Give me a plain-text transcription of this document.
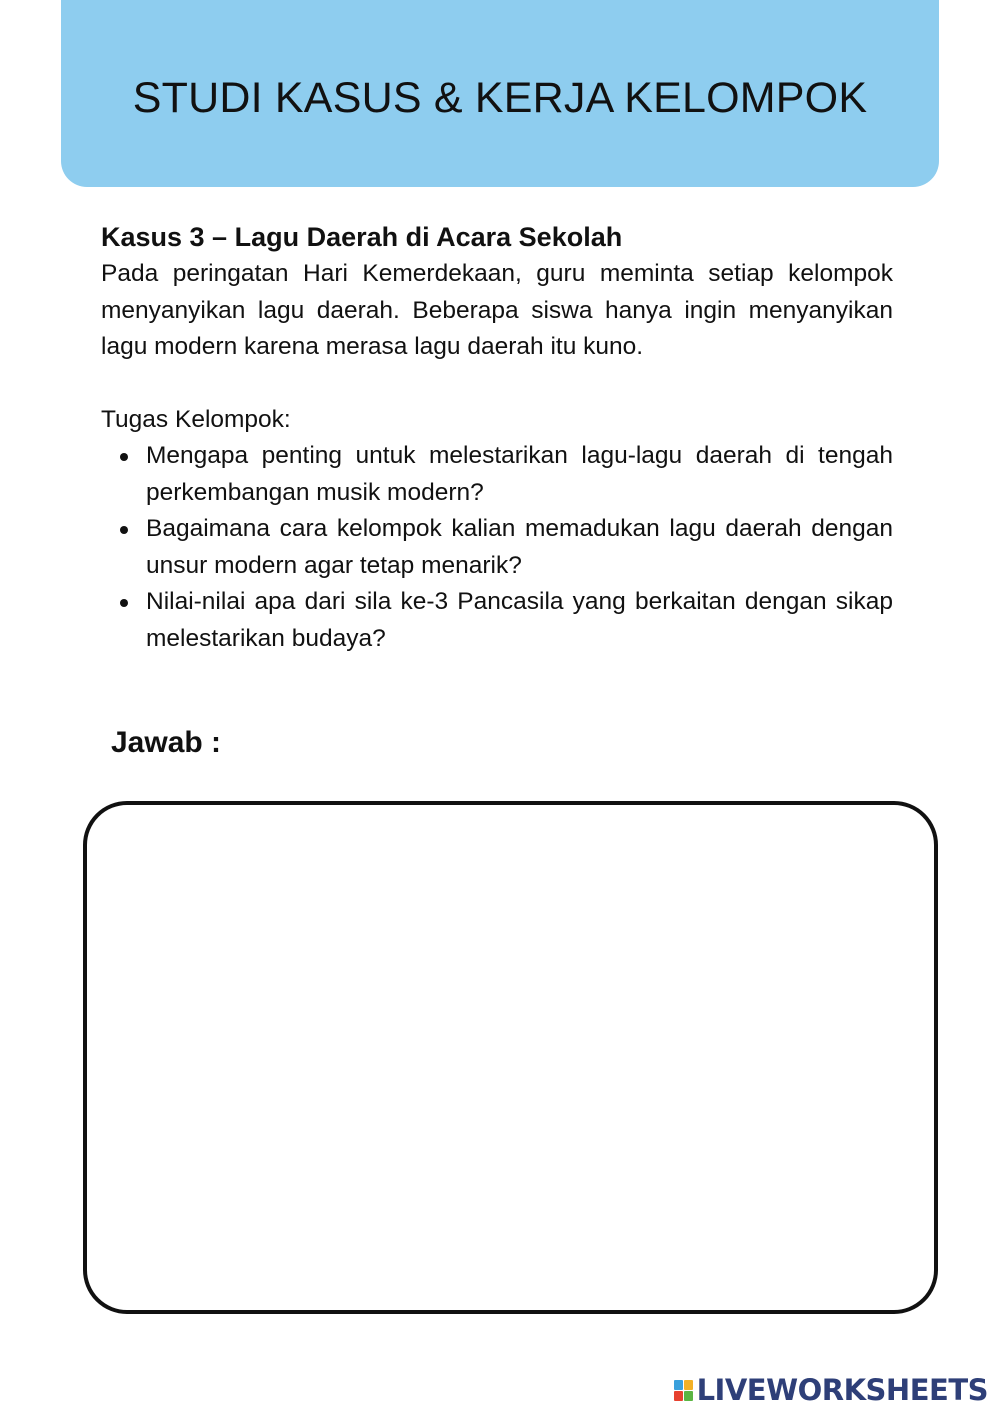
STUDI KASUS & KERJA KELOMPOK

Kasus 3 – Lagu Daerah di Acara Sekolah

Pada peringatan Hari Kemerdekaan, guru meminta setiap kelompok menyanyikan lagu daerah. Beberapa siswa hanya ingin menyanyikan lagu modern karena merasa lagu daerah itu kuno.

Tugas Kelompok:

Mengapa penting untuk melestarikan lagu-lagu daerah di tengah perkembangan musik modern?
Bagaimana cara kelompok kalian memadukan lagu daerah dengan unsur modern agar tetap menarik?
Nilai-nilai apa dari sila ke-3 Pancasila yang berkaitan dengan sikap melestarikan budaya?

Jawab :

LIVEWORKSHEETS
